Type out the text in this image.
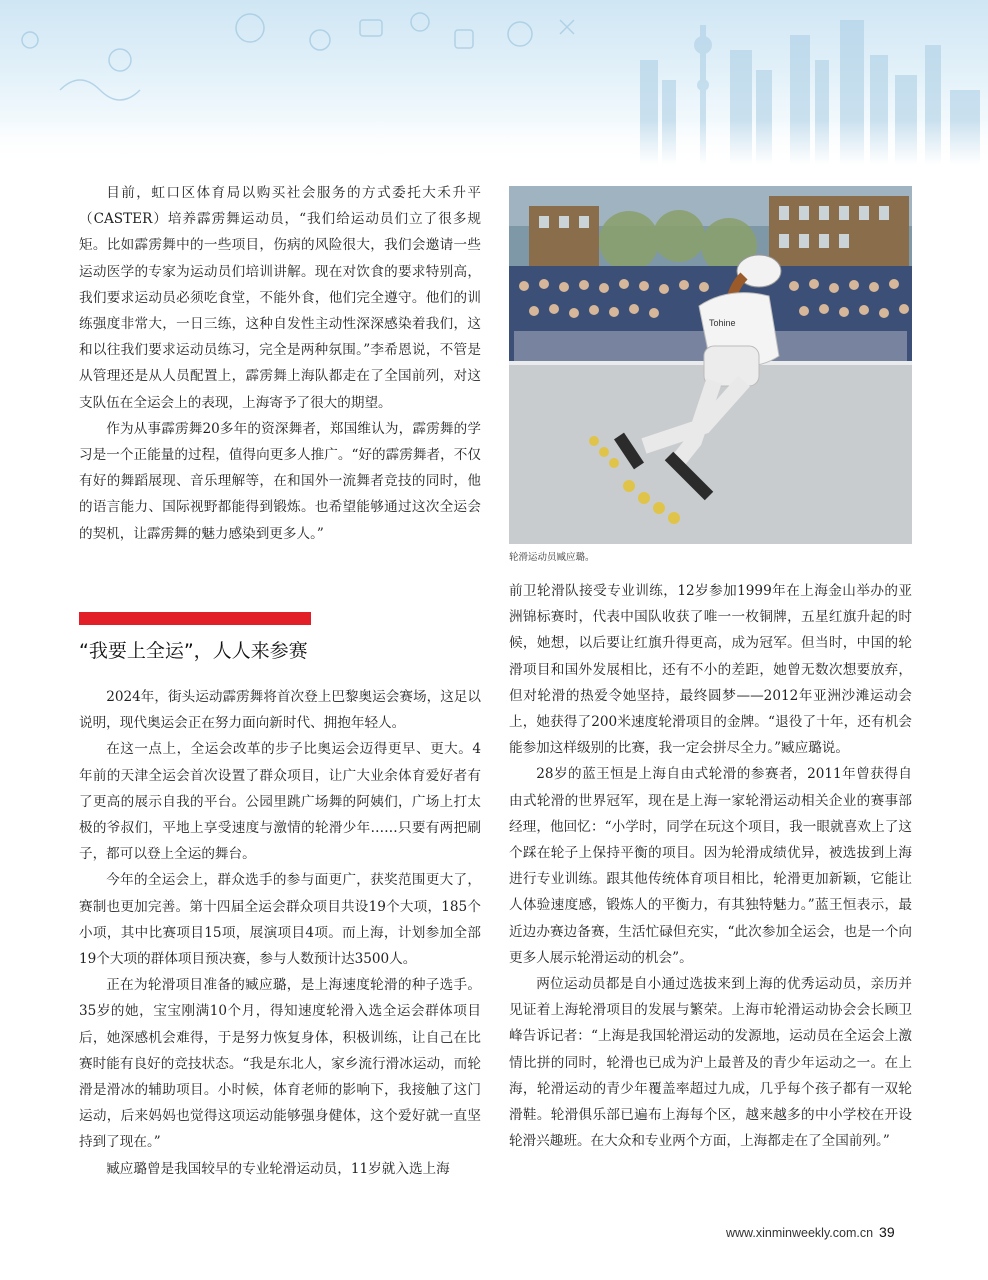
目前，虹口区体育局以购买社会服务的方式委托大禾升平（CASTER）培养霹雳舞运动员，“我们给运动员们立了很多规矩。比如霹雳舞中的一些项目，伤病的风险很大，我们会邀请一些运动医学的专家为运动员们培训讲解。现在对饮食的要求特别高，我们要求运动员必须吃食堂，不能外食，他们完全遵守。他们的训练强度非常大，一日三练，这种自发性主动性深深感染着我们，这和以往我们要求运动员练习，完全是两种氛围。”李希恩说，不管是从管理还是从人员配置上，霹雳舞上海队都走在了全国前列，对这支队伍在全运会上的表现，上海寄予了很大的期望。

作为从事霹雳舞20多年的资深舞者，郑国维认为，霹雳舞的学习是一个正能量的过程，值得向更多人推广。“好的霹雳舞者，不仅有好的舞蹈展现、音乐理解等，在和国外一流舞者竞技的同时，他的语言能力、国际视野都能得到锻炼。也希望能够通过这次全运会的契机，让霹雳舞的魅力感染到更多人。”

“我要上全运”，人人来参赛

2024年，街头运动霹雳舞将首次登上巴黎奥运会赛场，这足以说明，现代奥运会正在努力面向新时代、拥抱年轻人。

在这一点上，全运会改革的步子比奥运会迈得更早、更大。4年前的天津全运会首次设置了群众项目，让广大业余体育爱好者有了更高的展示自我的平台。公园里跳广场舞的阿姨们，广场上打太极的爷叔们，平地上享受速度与激情的轮滑少年……只要有两把刷子，都可以登上全运的舞台。

今年的全运会上，群众选手的参与面更广，获奖范围更大了，赛制也更加完善。第十四届全运会群众项目共设19个大项，185个小项，其中比赛项目15项，展演项目4项。而上海，计划参加全部19个大项的群体项目预决赛，参与人数预计达3500人。

正在为轮滑项目准备的臧应璐，是上海速度轮滑的种子选手。35岁的她，宝宝刚满10个月，得知速度轮滑入选全运会群体项目后，她深感机会难得，于是努力恢复身体，积极训练，让自己在比赛时能有良好的竞技状态。“我是东北人，家乡流行滑冰运动，而轮滑是滑冰的辅助项目。小时候，体育老师的影响下，我接触了这门运动，后来妈妈也觉得这项运动能够强身健体，这个爱好就一直坚持到了现在。”

臧应璐曾是我国较早的专业轮滑运动员，11岁就入选上海

Tohine
轮滑运动员臧应璐。

前卫轮滑队接受专业训练，12岁参加1999年在上海金山举办的亚洲锦标赛时，代表中国队收获了唯一一枚铜牌，五星红旗升起的时候，她想，以后要让红旗升得更高，成为冠军。但当时，中国的轮滑项目和国外发展相比，还有不小的差距，她曾无数次想要放弃，但对轮滑的热爱令她坚持，最终圆梦——2012年亚洲沙滩运动会上，她获得了200米速度轮滑项目的金牌。“退役了十年，还有机会能参加这样级别的比赛，我一定会拼尽全力。”臧应璐说。

28岁的蓝王恒是上海自由式轮滑的参赛者，2011年曾获得自由式轮滑的世界冠军，现在是上海一家轮滑运动相关企业的赛事部经理，他回忆：“小学时，同学在玩这个项目，我一眼就喜欢上了这个踩在轮子上保持平衡的项目。因为轮滑成绩优异，被选拔到上海进行专业训练。跟其他传统体育项目相比，轮滑更加新颖，它能让人体验速度感，锻炼人的平衡力，有其独特魅力。”蓝王恒表示，最近边办赛边备赛，生活忙碌但充实，“此次参加全运会，也是一个向更多人展示轮滑运动的机会”。

两位运动员都是自小通过选拔来到上海的优秀运动员，亲历并见证着上海轮滑项目的发展与繁荣。上海市轮滑运动协会会长顾卫峰告诉记者：“上海是我国轮滑运动的发源地，运动员在全运会上激情比拼的同时，轮滑也已成为沪上最普及的青少年运动之一。在上海，轮滑运动的青少年覆盖率超过九成，几乎每个孩子都有一双轮滑鞋。轮滑俱乐部已遍布上海每个区，越来越多的中小学校在开设轮滑兴趣班。在大众和专业两个方面，上海都走在了全国前列。”

www.xinminweekly.com.cn 39
